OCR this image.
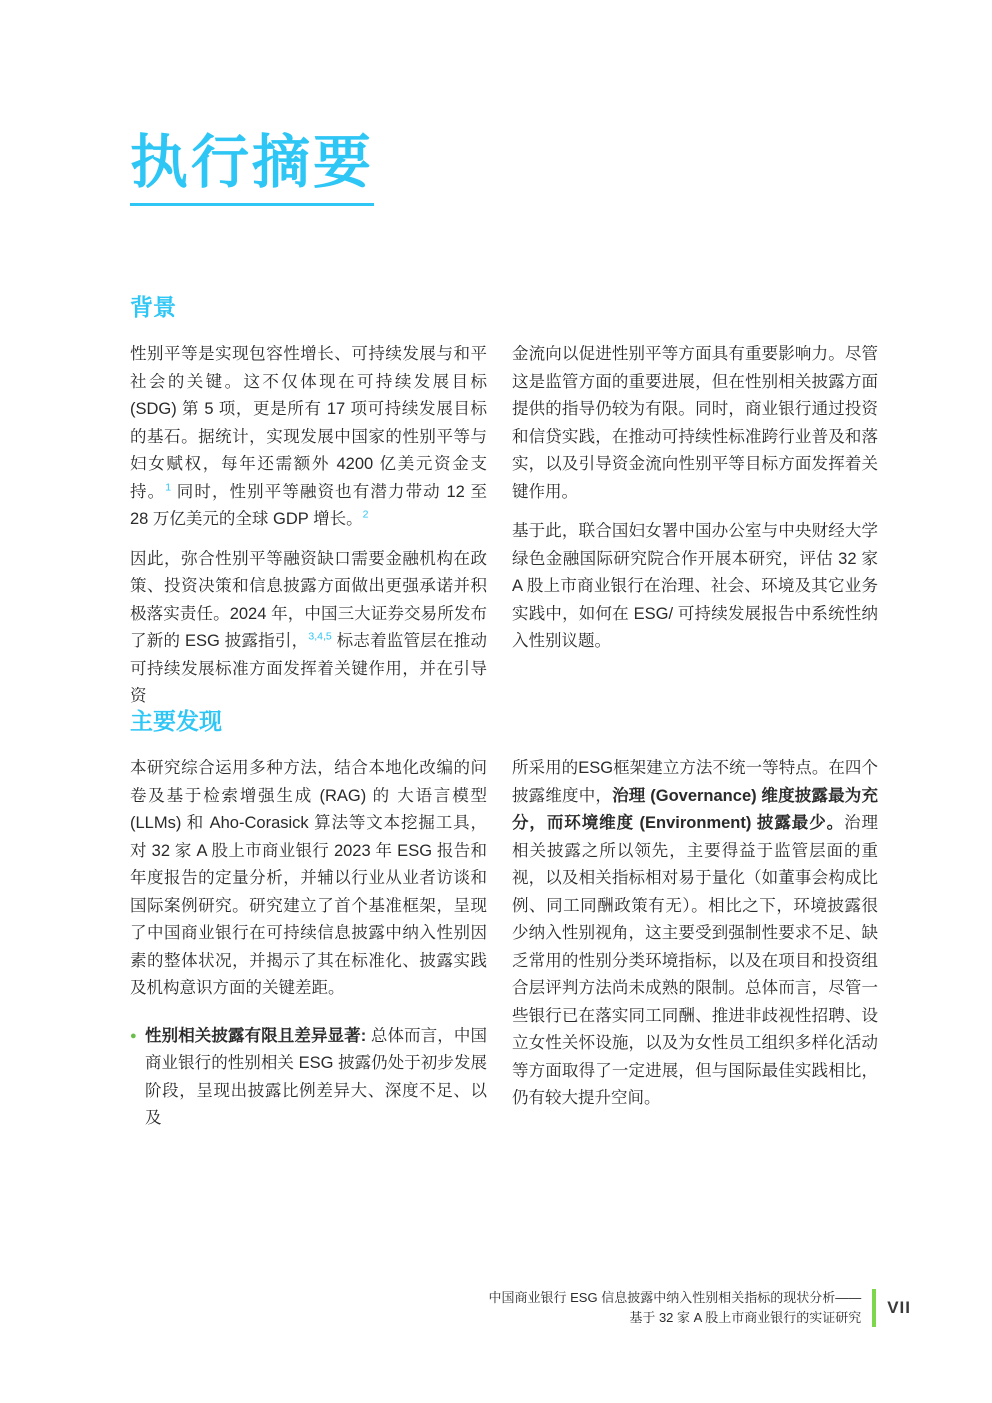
执行摘要
背景

性别平等是实现包容性增长、可持续发展与和平社会的关键。这不仅体现在可持续发展目标 (SDG) 第 5 项，更是所有 17 项可持续发展目标的基石。据统计，实现发展中国家的性别平等与妇女赋权，每年还需额外 4200 亿美元资金支持。$^1$ 同时，性别平等融资也有潜力带动 12 至 28 万亿美元的全球 GDP 增长。$^2$

因此，弥合性别平等融资缺口需要金融机构在政策、投资决策和信息披露方面做出更强承诺并积极落实责任。2024 年，中国三大证券交易所发布了新的 ESG 披露指引，$^{3,4,5}$ 标志着监管层在推动可持续发展标准方面发挥着关键作用，并在引导资

金流向以促进性别平等方面具有重要影响力。尽管这是监管方面的重要进展，但在性别相关披露方面提供的指导仍较为有限。同时，商业银行通过投资和信贷实践，在推动可持续性标准跨行业普及和落实，以及引导资金流向性别平等目标方面发挥着关键作用。

基于此，联合国妇女署中国办公室与中央财经大学绿色金融国际研究院合作开展本研究，评估 32 家 A 股上市商业银行在治理、社会、环境及其它业务实践中，如何在 ESG/ 可持续发展报告中系统性纳入性别议题。

主要发现

本研究综合运用多种方法，结合本地化改编的问卷及基于检索增强生成 (RAG) 的 大语言模型 (LLMs) 和 Aho-Corasick 算法等文本挖掘工具，对 32 家 A 股上市商业银行 2023 年 ESG 报告和年度报告的定量分析，并辅以行业从业者访谈和国际案例研究。研究建立了首个基准框架，呈现了中国商业银行在可持续信息披露中纳入性别因素的整体状况，并揭示了其在标准化、披露实践及机构意识方面的关键差距。

● 性别相关披露有限且差异显著: 总体而言，中国商业银行的性别相关 ESG 披露仍处于初步发展阶段，呈现出披露比例差异大、深度不足、以及

所采用的ESG框架建立方法不统一等特点。在四个披露维度中，治理 (Governance) 维度披露最为充分，而环境维度 (Environment) 披露最少。治理相关披露之所以领先，主要得益于监管层面的重视，以及相关指标相对易于量化（如董事会构成比例、同工同酬政策有无）。相比之下，环境披露很少纳入性别视角，这主要受到强制性要求不足、缺乏常用的性别分类环境指标，以及在项目和投资组合层评判方法尚未成熟的限制。总体而言，尽管一些银行已在落实同工同酬、推进非歧视性招聘、设立女性关怀设施，以及为女性员工组织多样化活动等方面取得了一定进展，但与国际最佳实践相比，仍有较大提升空间。

中国商业银行 ESG 信息披露中纳入性别相关指标的现状分析——
基于 32 家 A 股上市商业银行的实证研究
VII
